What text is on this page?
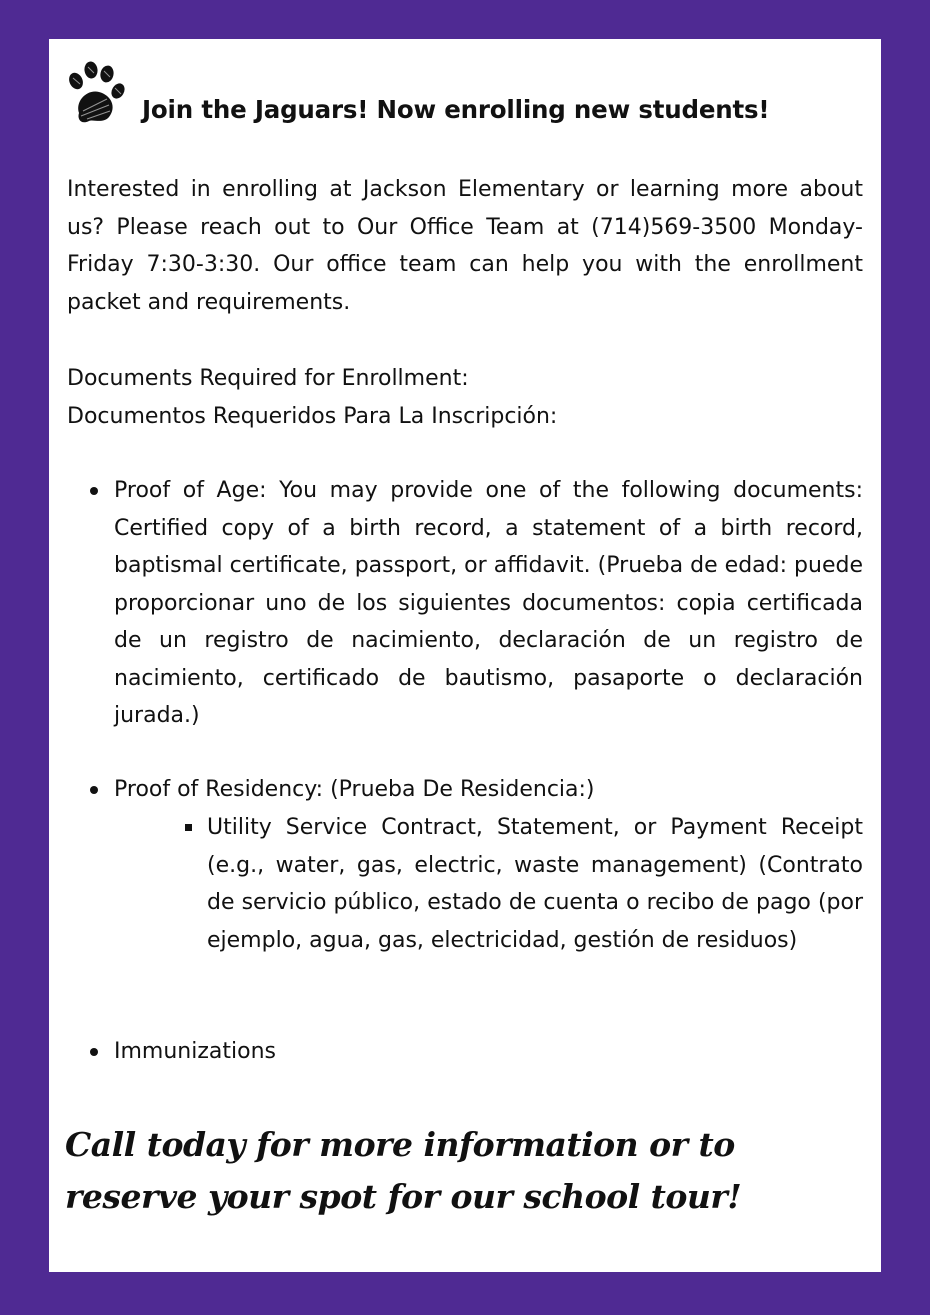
Join the Jaguars! Now enrolling new students!

Interested in enrolling at Jackson Elementary or learning more about us? Please reach out to Our Office Team at (714)569-3500 Monday-Friday 7:30-3:30. Our office team can help you with the enrollment packet and requirements.

Documents Required for Enrollment:
Documentos Requeridos Para La Inscripción:

Proof of Age: You may provide one of the following documents: Certified copy of a birth record, a statement of a birth record, baptismal certificate, passport, or affidavit. (Prueba de edad: puede proporcionar uno de los siguientes documentos: copia certificada de un registro de nacimiento, declaración de un registro de nacimiento, certificado de bautismo, pasaporte o declaración jurada.)
Proof of Residency: (Prueba De Residencia:)
Utility Service Contract, Statement, or Payment Receipt (e.g., water, gas, electric, waste management) (Contrato de servicio público, estado de cuenta o recibo de pago (por ejemplo, agua, gas, electricidad, gestión de residuos)
Immunizations

Call today for more information or to reserve your spot for our school tour!
